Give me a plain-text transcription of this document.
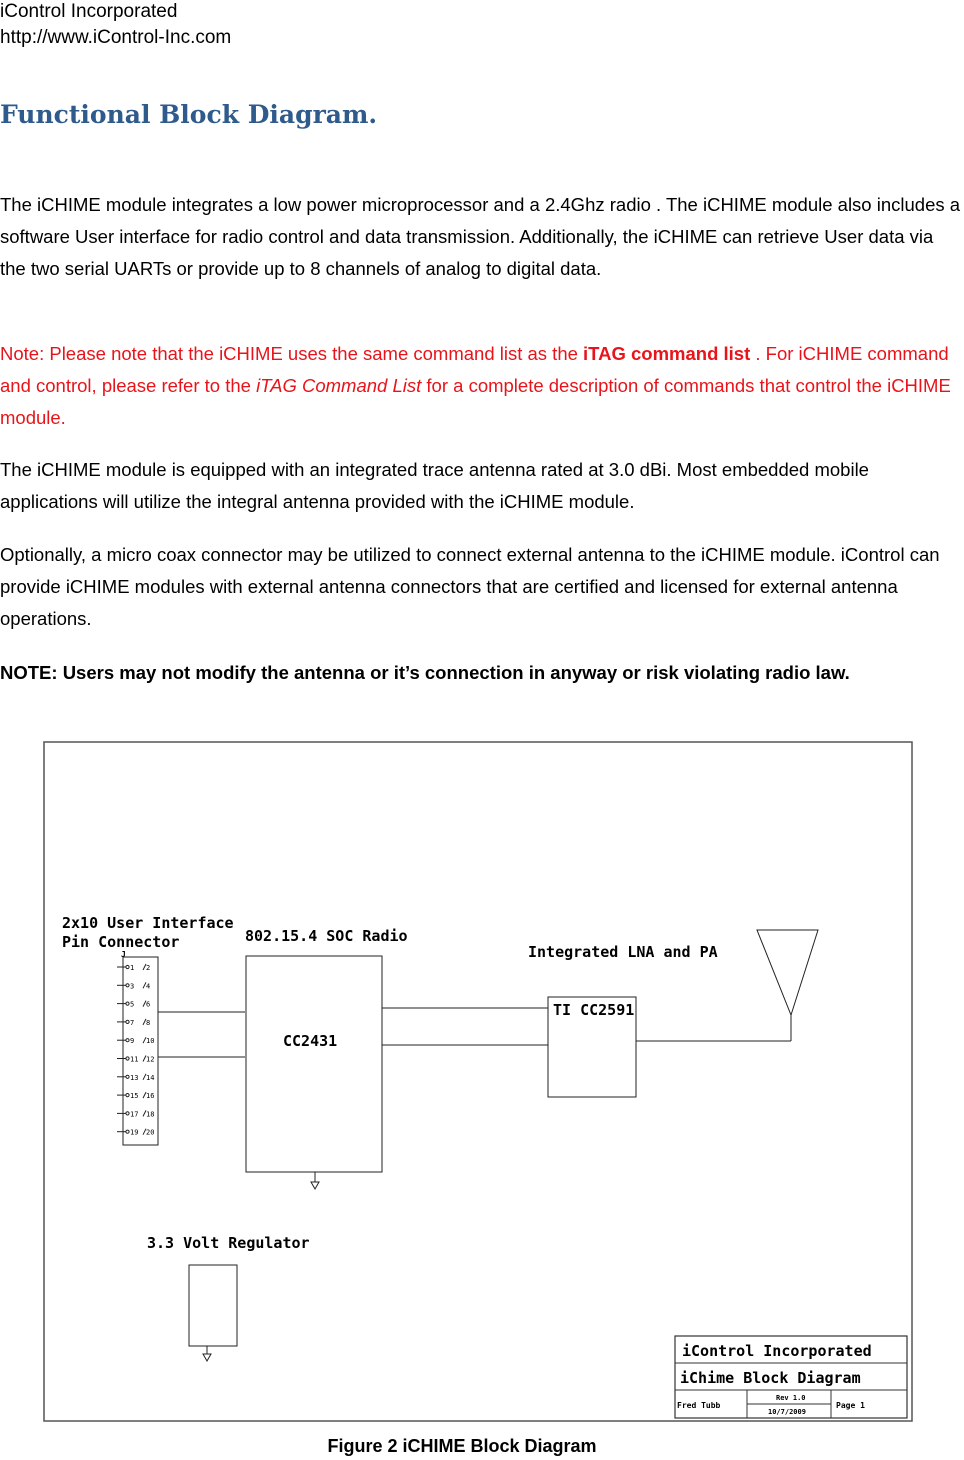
iControl Incorporated
http://www.iControl-Inc.com
Functional Block Diagram.

The iCHIME module integrates a low power microprocessor and a 2.4Ghz radio . The iCHIME module also includes a software User interface for radio control and data transmission. Additionally, the iCHIME can retrieve User data via the two serial UARTs or provide up to 8 channels of analog to digital data.

Note: Please note that the iCHIME uses the same command list as the iTAG command list . For iCHIME command and control, please refer to the iTAG Command List for a complete description of commands that control the iCHIME module.

The iCHIME module is equipped with an integrated trace antenna rated at 3.0 dBi. Most embedded mobile applications will utilize the integral antenna provided with the iCHIME module.

Optionally, a micro coax connector may be utilized to connect external antenna to the iCHIME module. iControl can provide iCHIME modules with external antenna connectors that are certified and licensed for external antenna operations.

NOTE: Users may not modify the antenna or it’s connection in anyway or risk violating radio law.

2x10 User Interface
Pin Connector
J
1 2
3 4
5 6
7 8
9 10
11 12
13 14
15 16
17 18
19 20
802.15.4 SOC Radio
CC2431
Integrated LNA and PA
TI CC2591
3.3 Volt Regulator
iControl Incorporated
iChime Block Diagram
Fred Tubb
Rev 1.0
10/7/2009
Page 1
Figure 2 iCHIME Block Diagram
